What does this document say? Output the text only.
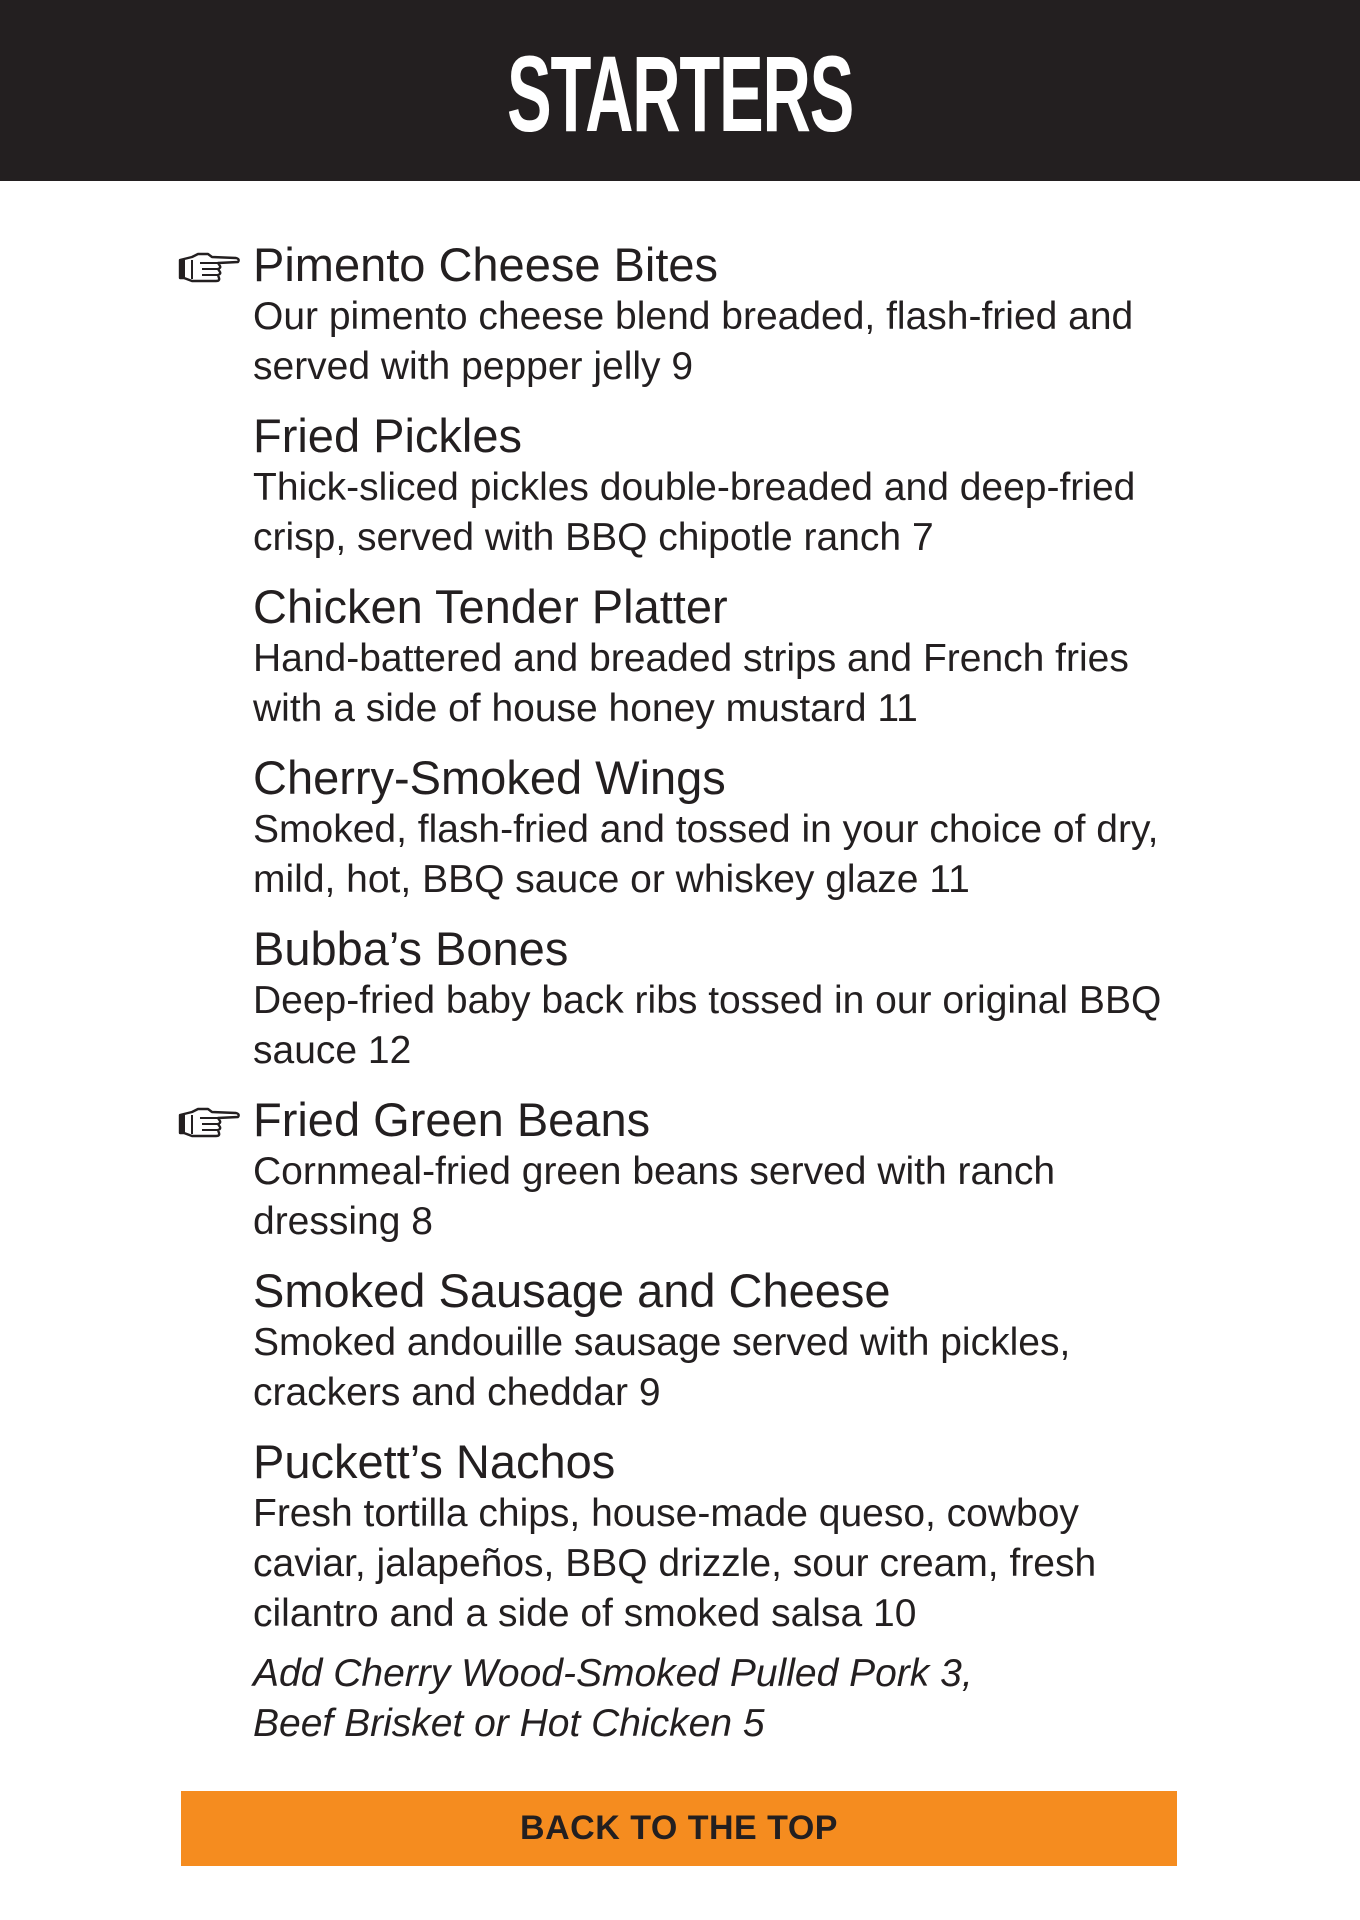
STARTERS
Pimento Cheese Bites
Our pimento cheese blend breaded, flash-fried and
served with pepper jelly 9
Fried Pickles
Thick-sliced pickles double-breaded and deep-fried
crisp, served with BBQ chipotle ranch 7
Chicken Tender Platter
Hand-battered and breaded strips and French fries
with a side of house honey mustard 11
Cherry-Smoked Wings
Smoked, flash-fried and tossed in your choice of dry,
mild, hot, BBQ sauce or whiskey glaze 11
Bubba’s Bones
Deep-fried baby back ribs tossed in our original BBQ
sauce 12
Fried Green Beans
Cornmeal-fried green beans served with ranch
dressing 8
Smoked Sausage and Cheese
Smoked andouille sausage served with pickles,
crackers and cheddar 9
Puckett’s Nachos
Fresh tortilla chips, house-made queso, cowboy
caviar, jalapeños, BBQ drizzle, sour cream, fresh
cilantro and a side of smoked salsa 10
Add Cherry Wood-Smoked Pulled Pork 3,
Beef Brisket or Hot Chicken 5
BACK TO THE TOP
